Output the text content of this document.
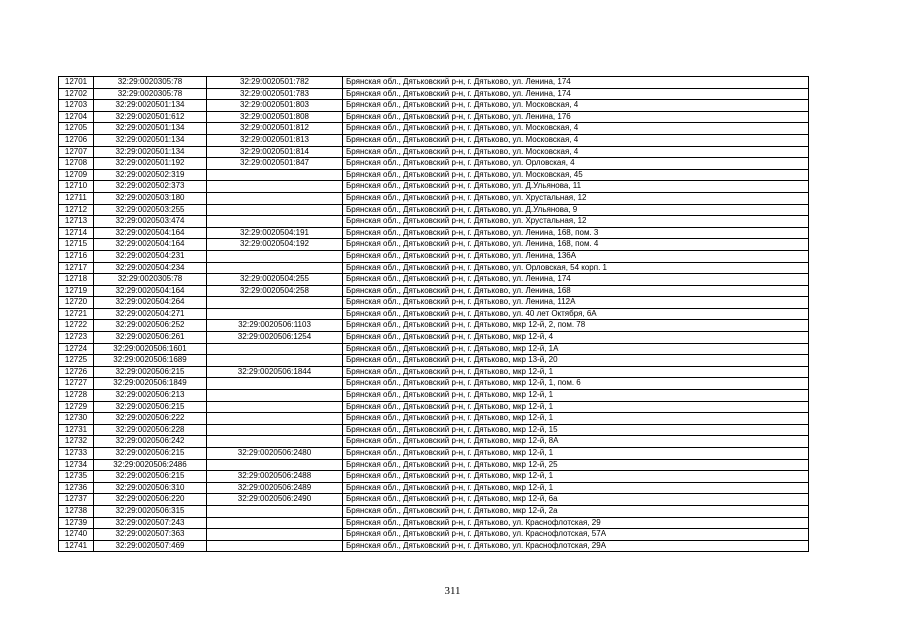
12701	32:29:0020305:78	32:29:0020501:782	Брянская обл., Дятьковский р-н, г. Дятьково, ул. Ленина, 174
12702	32:29:0020305:78	32:29:0020501:783	Брянская обл., Дятьковский р-н, г. Дятьково, ул. Ленина, 174
12703	32:29:0020501:134	32:29:0020501:803	Брянская обл., Дятьковский р-н, г. Дятьково, ул. Московская, 4
12704	32:29:0020501:612	32:29:0020501:808	Брянская обл., Дятьковский р-н, г. Дятьково, ул. Ленина, 176
12705	32:29:0020501:134	32:29:0020501:812	Брянская обл., Дятьковский р-н, г. Дятьково, ул. Московская, 4
12706	32:29:0020501:134	32:29:0020501:813	Брянская обл., Дятьковский р-н, г. Дятьково, ул. Московская, 4
12707	32:29:0020501:134	32:29:0020501:814	Брянская обл., Дятьковский р-н, г. Дятьково, ул. Московская, 4
12708	32:29:0020501:192	32:29:0020501:847	Брянская обл., Дятьковский р-н, г. Дятьково, ул. Орловская, 4
12709	32:29:0020502:319		Брянская обл., Дятьковский р-н, г. Дятьково, ул. Московская, 45
12710	32:29:0020502:373		Брянская обл., Дятьковский р-н, г. Дятьково, ул. Д.Ульянова, 11
12711	32:29:0020503:180		Брянская обл., Дятьковский р-н, г. Дятьково, ул. Хрустальная, 12
12712	32:29:0020503:255		Брянская обл., Дятьковский р-н, г. Дятьково, ул. Д.Ульянова, 9
12713	32:29:0020503:474		Брянская обл., Дятьковский р-н, г. Дятьково, ул. Хрустальная, 12
12714	32:29:0020504:164	32:29:0020504:191	Брянская обл., Дятьковский р-н, г. Дятьково, ул. Ленина, 168, пом. 3
12715	32:29:0020504:164	32:29:0020504:192	Брянская обл., Дятьковский р-н, г. Дятьково, ул. Ленина, 168, пом. 4
12716	32:29:0020504:231		Брянская обл., Дятьковский р-н, г. Дятьково, ул. Ленина, 136А
12717	32:29:0020504:234		Брянская обл., Дятьковский р-н, г. Дятьково, ул. Орловская, 54 корп. 1
12718	32:29:0020305:78	32:29:0020504:255	Брянская обл., Дятьковский р-н, г. Дятьково, ул. Ленина, 174
12719	32:29:0020504:164	32:29:0020504:258	Брянская обл., Дятьковский р-н, г. Дятьково, ул. Ленина, 168
12720	32:29:0020504:264		Брянская обл., Дятьковский р-н, г. Дятьково, ул. Ленина, 112А
12721	32:29:0020504:271		Брянская обл., Дятьковский р-н, г. Дятьково, ул. 40 лет Октября, 6А
12722	32:29:0020506:252	32:29:0020506:1103	Брянская обл., Дятьковский р-н, г. Дятьково, мкр 12-й, 2, пом. 78
12723	32:29:0020506:261	32:29:0020506:1254	Брянская обл., Дятьковский р-н, г. Дятьково, мкр 12-й, 4
12724	32:29:0020506:1601		Брянская обл., Дятьковский р-н, г. Дятьково, мкр 12-й, 1А
12725	32:29:0020506:1689		Брянская обл., Дятьковский р-н, г. Дятьково, мкр 13-й, 20
12726	32:29:0020506:215	32:29:0020506:1844	Брянская обл., Дятьковский р-н, г. Дятьково, мкр 12-й, 1
12727	32:29:0020506:1849		Брянская обл., Дятьковский р-н, г. Дятьково, мкр 12-й, 1, пом. 6
12728	32:29:0020506:213		Брянская обл., Дятьковский р-н, г. Дятьково, мкр 12-й, 1
12729	32:29:0020506:215		Брянская обл., Дятьковский р-н, г. Дятьково, мкр 12-й, 1
12730	32:29:0020506:222		Брянская обл., Дятьковский р-н, г. Дятьково, мкр 12-й, 1
12731	32:29:0020506:228		Брянская обл., Дятьковский р-н, г. Дятьково, мкр 12-й, 15
12732	32:29:0020506:242		Брянская обл., Дятьковский р-н, г. Дятьково, мкр 12-й, 8А
12733	32:29:0020506:215	32:29:0020506:2480	Брянская обл., Дятьковский р-н, г. Дятьково, мкр 12-й, 1
12734	32:29:0020506:2486		Брянская обл., Дятьковский р-н, г. Дятьково, мкр 12-й, 25
12735	32:29:0020506:215	32:29:0020506:2488	Брянская обл., Дятьковский р-н, г. Дятьково, мкр 12-й, 1
12736	32:29:0020506:310	32:29:0020506:2489	Брянская обл., Дятьковский р-н, г. Дятьково, мкр 12-й, 1
12737	32:29:0020506:220	32:29:0020506:2490	Брянская обл., Дятьковский р-н, г. Дятьково, мкр 12-й, 6а
12738	32:29:0020506:315		Брянская обл., Дятьковский р-н, г. Дятьково, мкр 12-й, 2а
12739	32:29:0020507:243		Брянская обл., Дятьковский р-н, г. Дятьково, ул. Краснофлотская, 29
12740	32:29:0020507:363		Брянская обл., Дятьковский р-н, г. Дятьково, ул. Краснофлотская, 57А
12741	32:29:0020507:469		Брянская обл., Дятьковский р-н, г. Дятьково, ул. Краснофлотская, 29А
311
